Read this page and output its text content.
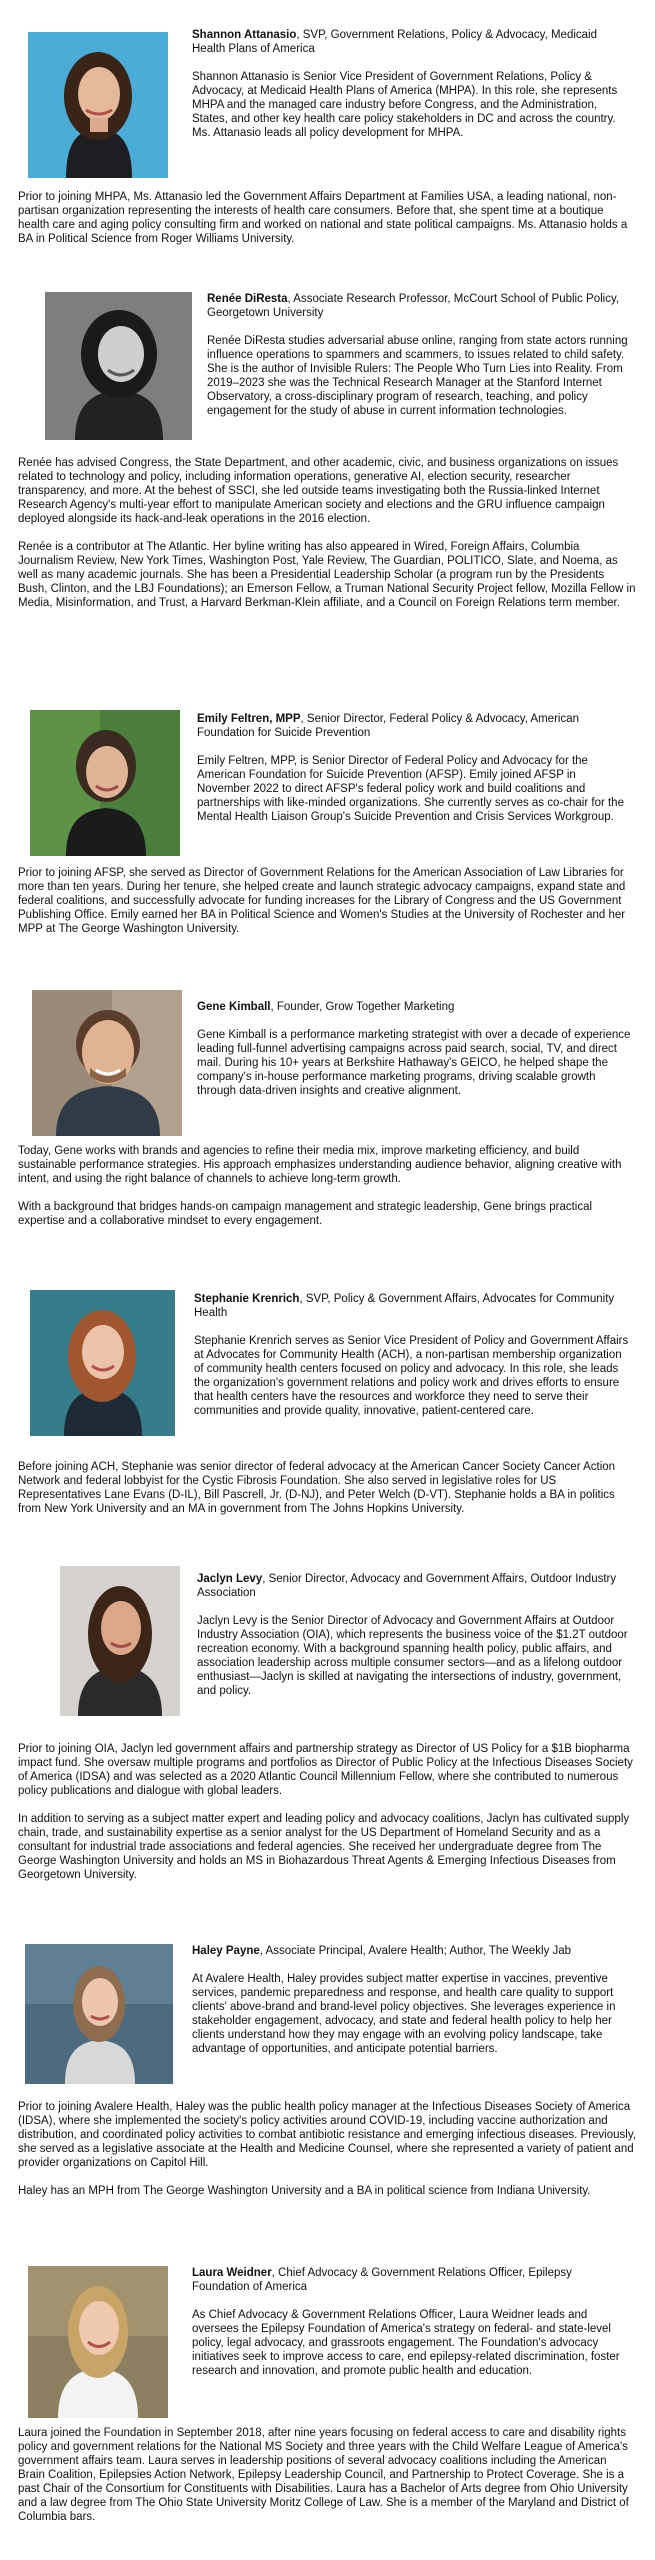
Shannon Attanasio, SVP, Government Relations, Policy & Advocacy, Medicaid Health Plans of America

Shannon Attanasio is Senior Vice President of Government Relations, Policy & Advocacy, at Medicaid Health Plans of America (MHPA). In this role, she represents MHPA and the managed care industry before Congress, and the Administration, States, and other key health care policy stakeholders in DC and across the country. Ms. Attanasio leads all policy development for MHPA.

Prior to joining MHPA, Ms. Attanasio led the Government Affairs Department at Families USA, a leading national, non-partisan organization representing the interests of health care consumers. Before that, she spent time at a boutique health care and aging policy consulting firm and worked on national and state political campaigns. Ms. Attanasio holds a BA in Political Science from Roger Williams University.

Renée DiResta, Associate Research Professor, McCourt School of Public Policy, Georgetown University

Renée DiResta studies adversarial abuse online, ranging from state actors running influence operations to spammers and scammers, to issues related to child safety. She is the author of Invisible Rulers: The People Who Turn Lies into Reality. From 2019–2023 she was the Technical Research Manager at the Stanford Internet Observatory, a cross-disciplinary program of research, teaching, and policy engagement for the study of abuse in current information technologies.

Renée has advised Congress, the State Department, and other academic, civic, and business organizations on issues related to technology and policy, including information operations, generative AI, election security, researcher transparency, and more. At the behest of SSCI, she led outside teams investigating both the Russia-linked Internet Research Agency's multi-year effort to manipulate American society and elections and the GRU influence campaign deployed alongside its hack-and-leak operations in the 2016 election.

Renée is a contributor at The Atlantic. Her byline writing has also appeared in Wired, Foreign Affairs, Columbia Journalism Review, New York Times, Washington Post, Yale Review, The Guardian, POLITICO, Slate, and Noema, as well as many academic journals. She has been a Presidential Leadership Scholar (a program run by the Presidents Bush, Clinton, and the LBJ Foundations); an Emerson Fellow, a Truman National Security Project fellow, Mozilla Fellow in Media, Misinformation, and Trust, a Harvard Berkman-Klein affiliate, and a Council on Foreign Relations term member.

Emily Feltren, MPP, Senior Director, Federal Policy & Advocacy, American Foundation for Suicide Prevention

Emily Feltren, MPP, is Senior Director of Federal Policy and Advocacy for the American Foundation for Suicide Prevention (AFSP). Emily joined AFSP in November 2022 to direct AFSP's federal policy work and build coalitions and partnerships with like-minded organizations. She currently serves as co-chair for the Mental Health Liaison Group's Suicide Prevention and Crisis Services Workgroup.

Prior to joining AFSP, she served as Director of Government Relations for the American Association of Law Libraries for more than ten years. During her tenure, she helped create and launch strategic advocacy campaigns, expand state and federal coalitions, and successfully advocate for funding increases for the Library of Congress and the US Government Publishing Office. Emily earned her BA in Political Science and Women's Studies at the University of Rochester and her MPP at The George Washington University.

Gene Kimball, Founder, Grow Together Marketing

Gene Kimball is a performance marketing strategist with over a decade of experience leading full-funnel advertising campaigns across paid search, social, TV, and direct mail. During his 10+ years at Berkshire Hathaway's GEICO, he helped shape the company's in-house performance marketing programs, driving scalable growth through data-driven insights and creative alignment.

Today, Gene works with brands and agencies to refine their media mix, improve marketing efficiency, and build sustainable performance strategies. His approach emphasizes understanding audience behavior, aligning creative with intent, and using the right balance of channels to achieve long-term growth.

With a background that bridges hands-on campaign management and strategic leadership, Gene brings practical expertise and a collaborative mindset to every engagement.

Stephanie Krenrich, SVP, Policy & Government Affairs, Advocates for Community Health

Stephanie Krenrich serves as Senior Vice President of Policy and Government Affairs at Advocates for Community Health (ACH), a non-partisan membership organization of community health centers focused on policy and advocacy. In this role, she leads the organization's government relations and policy work and drives efforts to ensure that health centers have the resources and workforce they need to serve their communities and provide quality, innovative, patient-centered care.

Before joining ACH, Stephanie was senior director of federal advocacy at the American Cancer Society Cancer Action Network and federal lobbyist for the Cystic Fibrosis Foundation. She also served in legislative roles for US Representatives Lane Evans (D-IL), Bill Pascrell, Jr. (D-NJ), and Peter Welch (D-VT). Stephanie holds a BA in politics from New York University and an MA in government from The Johns Hopkins University.

Jaclyn Levy, Senior Director, Advocacy and Government Affairs, Outdoor Industry Association

Jaclyn Levy is the Senior Director of Advocacy and Government Affairs at Outdoor Industry Association (OIA), which represents the business voice of the $1.2T outdoor recreation economy. With a background spanning health policy, public affairs, and association leadership across multiple consumer sectors—and as a lifelong outdoor enthusiast—Jaclyn is skilled at navigating the intersections of industry, government, and policy.

Prior to joining OIA, Jaclyn led government affairs and partnership strategy as Director of US Policy for a $1B biopharma impact fund. She oversaw multiple programs and portfolios as Director of Public Policy at the Infectious Diseases Society of America (IDSA) and was selected as a 2020 Atlantic Council Millennium Fellow, where she contributed to numerous policy publications and dialogue with global leaders.

In addition to serving as a subject matter expert and leading policy and advocacy coalitions, Jaclyn has cultivated supply chain, trade, and sustainability expertise as a senior analyst for the US Department of Homeland Security and as a consultant for industrial trade associations and federal agencies. She received her undergraduate degree from The George Washington University and holds an MS in Biohazardous Threat Agents & Emerging Infectious Diseases from Georgetown University.

Haley Payne, Associate Principal, Avalere Health; Author, The Weekly Jab

At Avalere Health, Haley provides subject matter expertise in vaccines, preventive services, pandemic preparedness and response, and health care quality to support clients' above-brand and brand-level policy objectives. She leverages experience in stakeholder engagement, advocacy, and state and federal health policy to help her clients understand how they may engage with an evolving policy landscape, take advantage of opportunities, and anticipate potential barriers.

Prior to joining Avalere Health, Haley was the public health policy manager at the Infectious Diseases Society of America (IDSA), where she implemented the society's policy activities around COVID-19, including vaccine authorization and distribution, and coordinated policy activities to combat antibiotic resistance and emerging infectious diseases. Previously, she served as a legislative associate at the Health and Medicine Counsel, where she represented a variety of patient and provider organizations on Capitol Hill.

Haley has an MPH from The George Washington University and a BA in political science from Indiana University.

Laura Weidner, Chief Advocacy & Government Relations Officer, Epilepsy Foundation of America

As Chief Advocacy & Government Relations Officer, Laura Weidner leads and oversees the Epilepsy Foundation of America's strategy on federal- and state-level policy, legal advocacy, and grassroots engagement. The Foundation's advocacy initiatives seek to improve access to care, end epilepsy-related discrimination, foster research and innovation, and promote public health and education.

Laura joined the Foundation in September 2018, after nine years focusing on federal access to care and disability rights policy and government relations for the National MS Society and three years with the Child Welfare League of America's government affairs team. Laura serves in leadership positions of several advocacy coalitions including the American Brain Coalition, Epilepsies Action Network, Epilepsy Leadership Council, and Partnership to Protect Coverage. She is a past Chair of the Consortium for Constituents with Disabilities. Laura has a Bachelor of Arts degree from Ohio University and a law degree from The Ohio State University Moritz College of Law. She is a member of the Maryland and District of Columbia bars.
